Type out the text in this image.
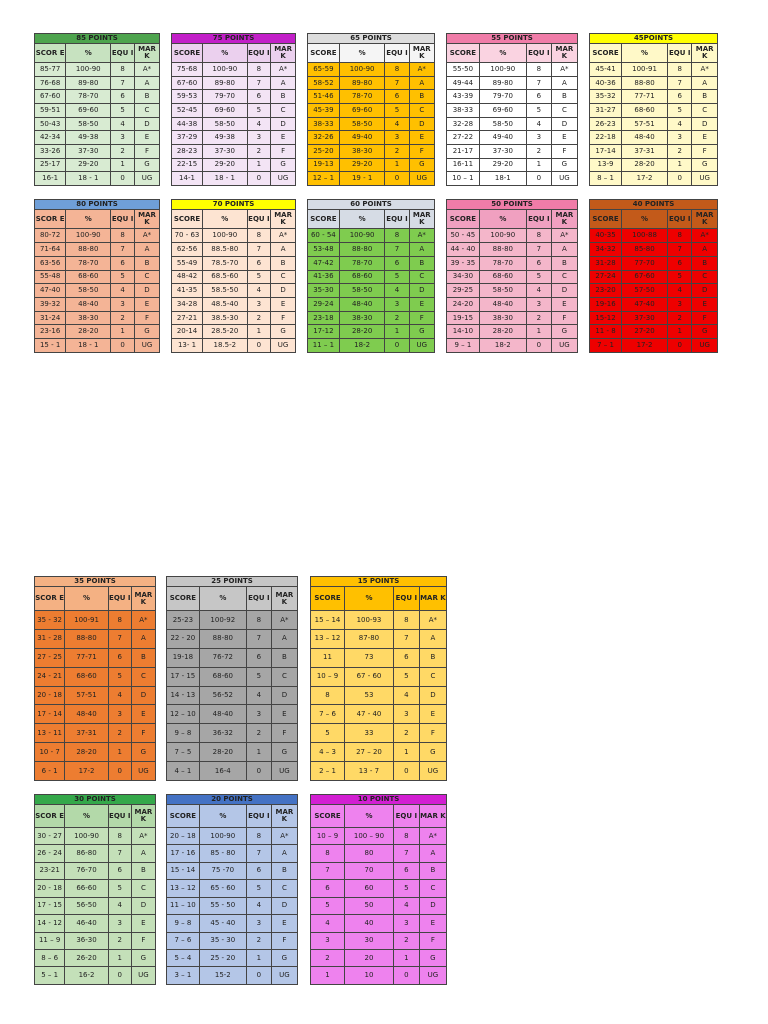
85 POINTS			
SCOR E	%	EQU I	MAR K
85-77	100-90	8	A*
76-68	89-80	7	A
67-60	78-70	6	B
59-51	69-60	5	C
50-43	58-50	4	D
42-34	49-38	3	E
33-26	37-30	2	F
25-17	29-20	1	G
16-1	18 - 1	0	UG
75 POINTS			
SCORE	%	EQU I	MAR K
75-68	100-90	8	A*
67-60	89-80	7	A
59-53	79-70	6	B
52-45	69-60	5	C
44-38	58-50	4	D
37-29	49-38	3	E
28-23	37-30	2	F
22-15	29-20	1	G
14-1	18 - 1	0	UG
65 POINTS			
SCORE	%	EQU I	MAR K
65-59	100-90	8	A*
58-52	89-80	7	A
51-46	78-70	6	B
45-39	69-60	5	C
38-33	58-50	4	D
32-26	49-40	3	E
25-20	38-30	2	F
19-13	29-20	1	G
12 – 1	19 - 1	0	UG
55 POINTS			
SCORE	%	EQU I	MAR K
55-50	100-90	8	A*
49-44	89-80	7	A
43-39	79-70	6	B
38-33	69-60	5	C
32-28	58-50	4	D
27-22	49-40	3	E
21-17	37-30	2	F
16-11	29-20	1	G
10 – 1	18-1	0	UG
45POINTS			
SCORE	%	EQU I	MAR K
45-41	100-91	8	A*
40-36	88-80	7	A
35-32	77-71	6	B
31-27	68-60	5	C
26-23	57-51	4	D
22-18	48-40	3	E
17-14	37-31	2	F
13-9	28-20	1	G
8 – 1	17-2	0	UG
80 POINTS			
SCOR E	%	EQU I	MAR K
80-72	100-90	8	A*
71-64	88-80	7	A
63-56	78-70	6	B
55-48	68-60	5	C
47-40	58-50	4	D
39-32	48-40	3	E
31-24	38-30	2	F
23-16	28-20	1	G
15 - 1	18 - 1	0	UG
70 POINTS			
SCORE	%	EQU I	MAR K
70 - 63	100-90	8	A*
62-56	88.5-80	7	A
55-49	78.5-70	6	B
48-42	68.5-60	5	C
41-35	58.5-50	4	D
34-28	48.5-40	3	E
27-21	38.5-30	2	F
20-14	28.5-20	1	G
13- 1	18.5-2	0	UG
60 POINTS			
SCORE	%	EQU I	MAR K
60 - 54	100-90	8	A*
53-48	88-80	7	A
47-42	78-70	6	B
41-36	68-60	5	C
35-30	58-50	4	D
29-24	48-40	3	E
23-18	38-30	2	F
17-12	28-20	1	G
11 – 1	18-2	0	UG
50 POINTS			
SCORE	%	EQU I	MAR K
50 - 45	100-90	8	A*
44 - 40	88-80	7	A
39 - 35	78-70	6	B
34-30	68-60	5	C
29-25	58-50	4	D
24-20	48-40	3	E
19-15	38-30	2	F
14-10	28-20	1	G
9 – 1	18-2	0	UG
40 POINTS			
SCORE	%	EQU I	MAR K
40-35	100-88	8	A*
34-32	85-80	7	A
31-28	77-70	6	B
27-24	67-60	5	C
23-20	57-50	4	D
19-16	47-40	3	E
15-12	37-30	2	F
11 - 8	27-20	1	G
7 – 1	17-2	0	UG
35 POINTS			
SCOR E	%	EQU I	MAR K
35 - 32	100-91	8	A*
31 - 28	88-80	7	A
27 - 25	77-71	6	B
24 - 21	68-60	5	C
20 - 18	57-51	4	D
17 - 14	48-40	3	E
13 - 11	37-31	2	F
10 - 7	28-20	1	G
6 - 1	17-2	0	UG
25 POINTS			
SCORE	%	EQU I	MAR K
25-23	100-92	8	A*
22 - 20	88-80	7	A
19-18	76-72	6	B
17 - 15	68-60	5	C
14 - 13	56-52	4	D
12 – 10	48-40	3	E
9 – 8	36-32	2	F
7 – 5	28-20	1	G
4 – 1	16-4	0	UG
15 POINTS			
SCORE	%	EQU I	MAR K
15 – 14	100-93	8	A*
13 – 12	87-80	7	A
11	73	6	B
10 – 9	67 - 60	5	C
8	53	4	D
7 – 6	47 - 40	3	E
5	33	2	F
4 – 3	27 – 20	1	G
2 – 1	13 - 7	0	UG
30 POINTS			
SCOR E	%	EQU I	MAR K
30 - 27	100-90	8	A*
26 - 24	86-80	7	A
23-21	76-70	6	B
20 - 18	66-60	5	C
17 - 15	56-50	4	D
14 - 12	46-40	3	E
11 – 9	36-30	2	F
8 – 6	26-20	1	G
5 – 1	16-2	0	UG
20 POINTS			
SCORE	%	EQU I	MAR K
20 – 18	100-90	8	A*
17 - 16	85 - 80	7	A
15 - 14	75 -70	6	B
13 – 12	65 - 60	5	C
11 – 10	55 - 50	4	D
9 – 8	45 - 40	3	E
7 – 6	35 - 30	2	F
5 – 4	25 - 20	1	G
3 – 1	15-2	0	UG
10 POINTS			
SCORE	%	EQU I	MAR K
10 – 9	100 – 90	8	A*
8	80	7	A
7	70	6	B
6	60	5	C
5	50	4	D
4	40	3	E
3	30	2	F
2	20	1	G
1	10	0	UG
